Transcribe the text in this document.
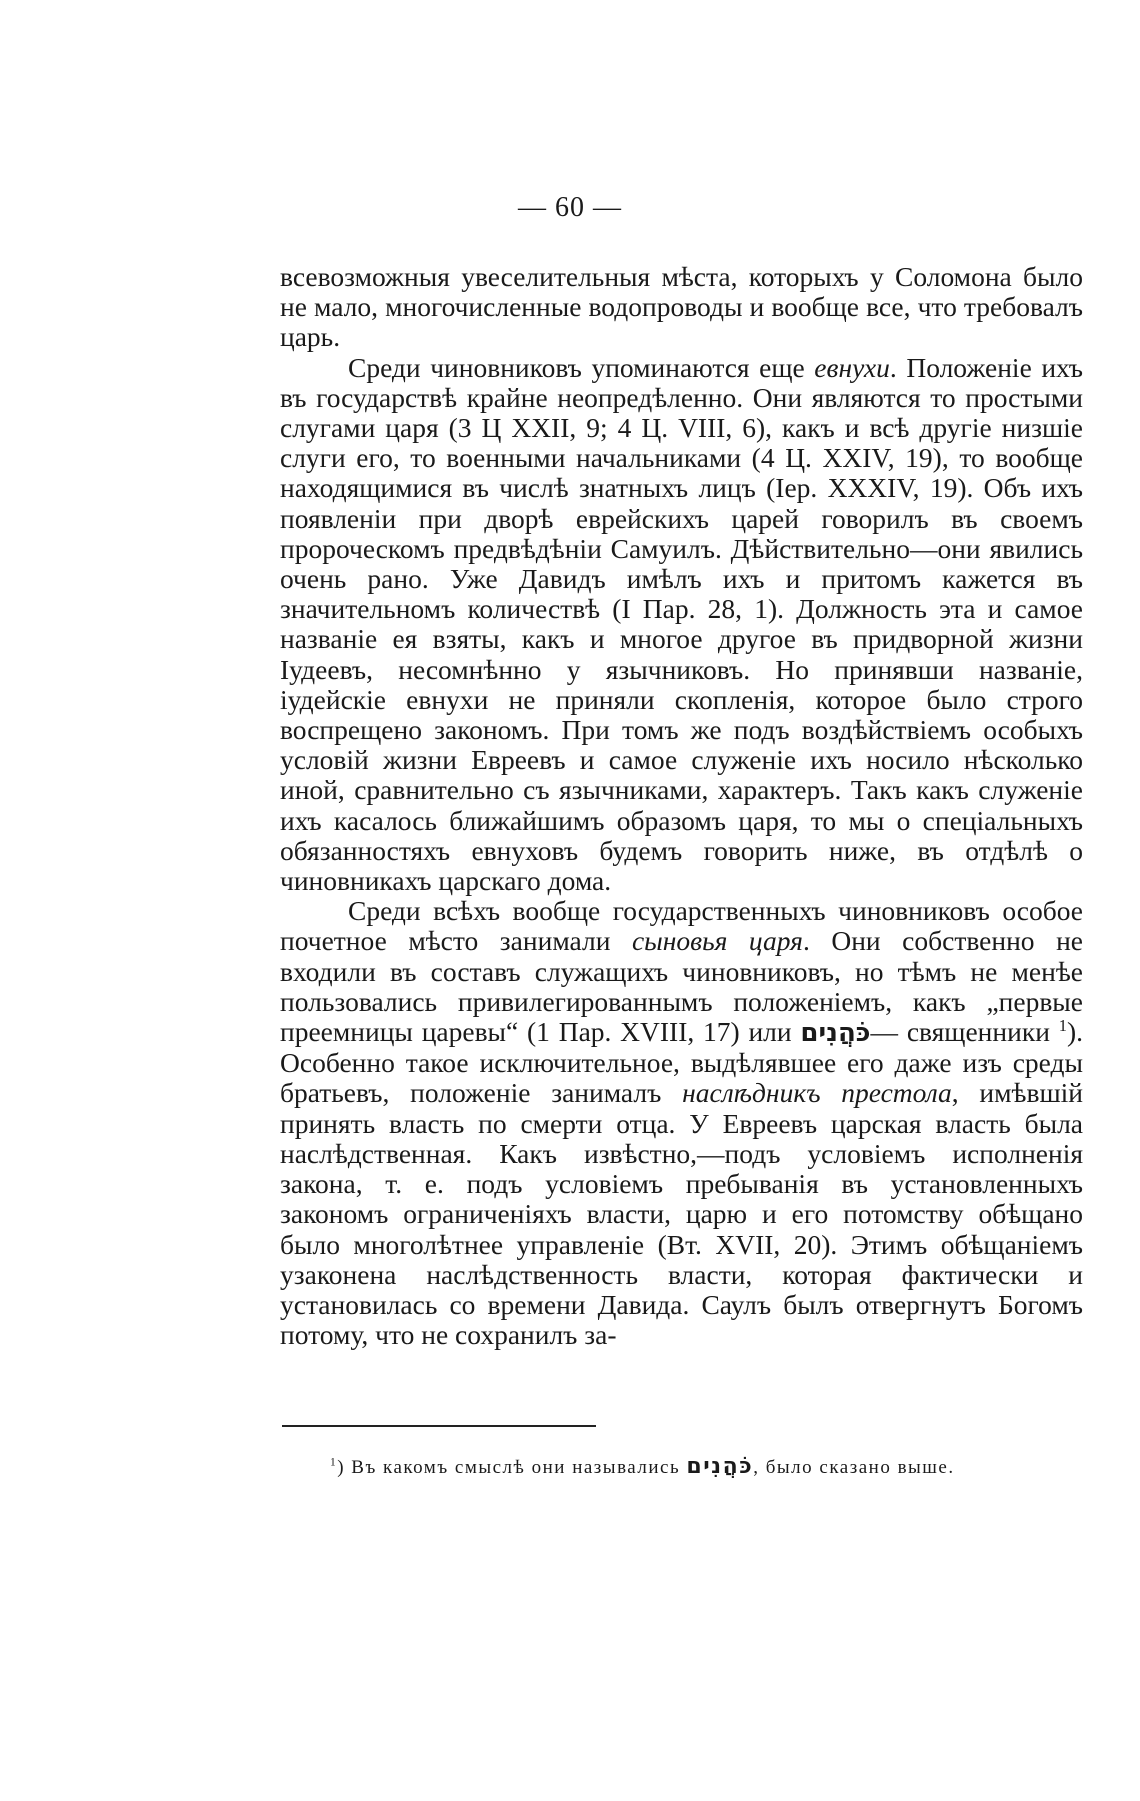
— 60 —

всевозможныя увеселительныя мѣста, которыхъ у Соломона было не мало, многочисленные водопроводы и вообще все, что требовалъ царь.

Среди чиновниковъ упоминаются еще евнухи. Положеніе ихъ въ государствѣ крайне неопредѣленно. Они являются то простыми слугами царя (3 Ц XXII, 9; 4 Ц. VIII, 6), какъ и всѣ другіе низшіе слуги его, то военными начальниками (4 Ц. XXIV, 19), то вообще находящимися въ числѣ знатныхъ лицъ (Іер. XXXIV, 19). Объ ихъ появленіи при дворѣ еврейскихъ царей говорилъ въ своемъ пророческомъ предвѣдѣніи Самуилъ. Дѣйствительно—они явились очень рано. Уже Давидъ имѣлъ ихъ и притомъ кажется въ значительномъ количествѣ (I Пар. 28, 1). Должность эта и самое названіе ея взяты, какъ и многое другое въ придворной жизни Іудеевъ, несомнѣнно у язычниковъ. Но принявши названіе, іудейскіе евнухи не приняли скопленія, которое было строго воспрещено закономъ. При томъ же подъ воздѣйствіемъ особыхъ условій жизни Евреевъ и самое служеніе ихъ носило нѣсколько иной, сравнительно съ язычниками, характеръ. Такъ какъ служеніе ихъ касалось ближайшимъ образомъ царя, то мы о спеціальныхъ обязанностяхъ евнуховъ будемъ говорить ниже, въ отдѣлѣ о чиновникахъ царскаго дома.

Среди всѣхъ вообще государственныхъ чиновниковъ особое почетное мѣсто занимали сыновья царя. Они собственно не входили въ составъ служащихъ чиновниковъ, но тѣмъ не менѣе пользовались привилегированнымъ положеніемъ, какъ „первые преемницы царевы“ (1 Пар. XVIII, 17) или כֹּהֲנִים— священники $^1$). Особенно такое исключительное, выдѣлявшее его даже изъ среды братьевъ, положеніе занималъ наслѣдникъ престола, имѣвшій принять власть по смерти отца. У Евреевъ царская власть была наслѣдственная. Какъ извѣстно,—подъ условіемъ исполненія закона, т. е. подъ условіемъ пребыванія въ установленныхъ закономъ ограниченіяхъ власти, царю и его потомству обѣщано было многолѣтнее управленіе (Вт. XVII, 20). Этимъ обѣщаніемъ узаконена наслѣдственность власти, которая фактически и установилась со времени Давида. Саулъ былъ отвергнутъ Богомъ потому, что не сохранилъ за-

$^1$) Въ какомъ смыслѣ они назывались כֹּהֲנִים, было сказано выше.
